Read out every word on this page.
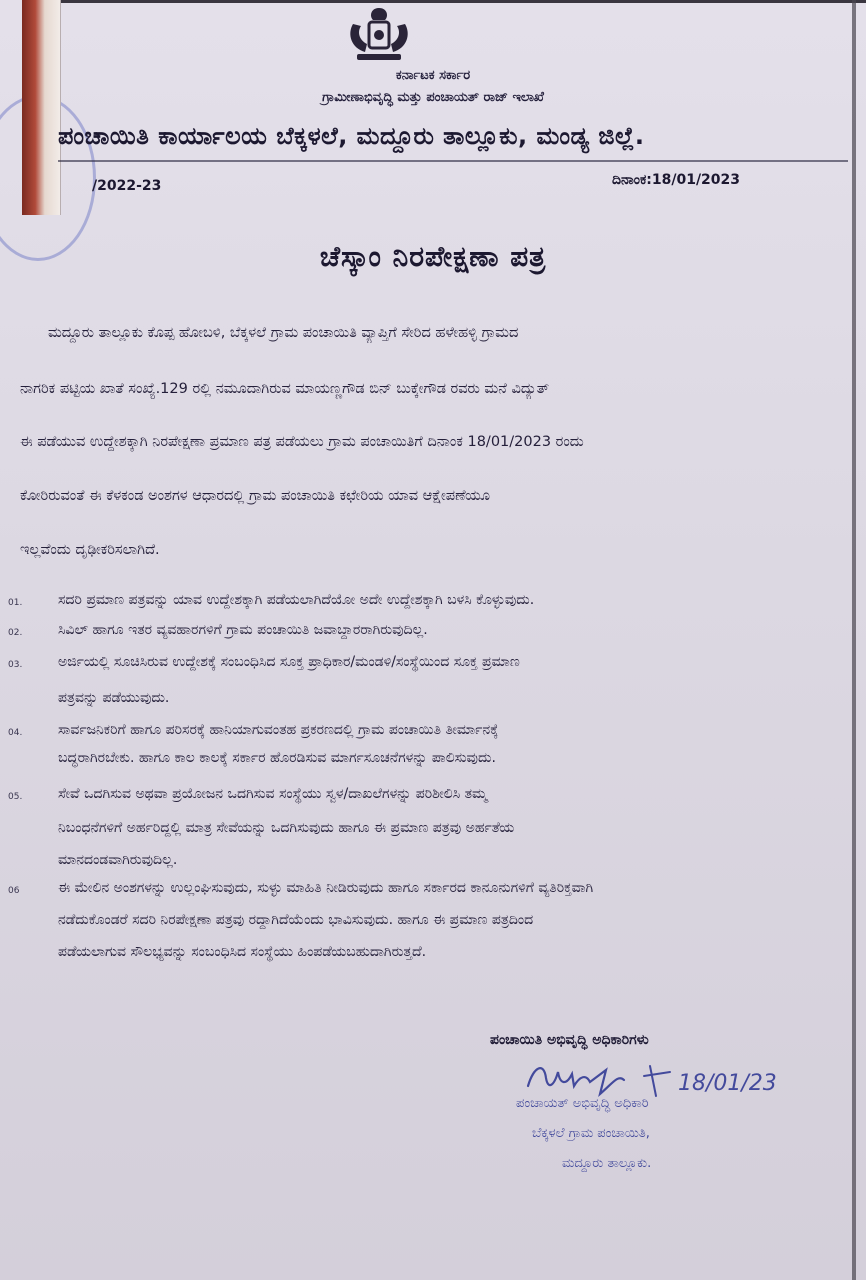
ಕರ್ನಾಟಕ ಸರ್ಕಾರ
ಗ್ರಾಮೀಣಾಭಿವೃದ್ಧಿ ಮತ್ತು ಪಂಚಾಯತ್ ರಾಜ್ ಇಲಾಖೆ
ಪಂಚಾಯಿತಿ ಕಾರ್ಯಾಲಯ ಬೆಕ್ಕಳಲೆ, ಮದ್ದೂರು ತಾಲ್ಲೂಕು, ಮಂಡ್ಯ ಜಿಲ್ಲೆ.
/2022-23	ದಿನಾಂಕ:18/01/2023
ಚೆಸ್ಕಾಂ ನಿರಪೇಕ್ಷಣಾ ಪತ್ರ
ಮದ್ದೂರು ತಾಲ್ಲೂಕು ಕೊಪ್ಪ ಹೋಬಳಿ, ಬೆಕ್ಕಳಲೆ ಗ್ರಾಮ ಪಂಚಾಯಿತಿ ವ್ಯಾಪ್ತಿಗೆ ಸೇರಿದ ಹಳೇಹಳ್ಳಿ ಗ್ರಾಮದ
ನಾಗರಿಕ ಪಟ್ಟಿಯ ಖಾತೆ ಸಂಖ್ಯೆ.129 ರಲ್ಲಿ ನಮೂದಾಗಿರುವ ಮಾಯಣ್ಣಗೌಡ ಬಿನ್ ಬುಕ್ಕೇಗೌಡ ರವರು ಮನೆ ವಿದ್ಯುತ್
ಈ ಪಡೆಯುವ ಉದ್ದೇಶಕ್ಕಾಗಿ ನಿರಪೇಕ್ಷಣಾ ಪ್ರಮಾಣ ಪತ್ರ ಪಡೆಯಲು ಗ್ರಾಮ ಪಂಚಾಯಿತಿಗೆ ದಿನಾಂಕ 18/01/2023 ರಂದು
ಕೋರಿರುವಂತೆ ಈ ಕೆಳಕಂಡ ಅಂಶಗಳ ಆಧಾರದಲ್ಲಿ ಗ್ರಾಮ ಪಂಚಾಯಿತಿ ಕಛೇರಿಯ ಯಾವ ಆಕ್ಷೇಪಣೆಯೂ
ಇಲ್ಲವೆಂದು ದೃಢೀಕರಿಸಲಾಗಿದೆ.
01.	ಸದರಿ ಪ್ರಮಾಣ ಪತ್ರವನ್ನು ಯಾವ ಉದ್ದೇಶಕ್ಕಾಗಿ ಪಡೆಯಲಾಗಿದೆಯೋ ಅದೇ ಉದ್ದೇಶಕ್ಕಾಗಿ ಬಳಸಿ ಕೊಳ್ಳುವುದು.
02.	ಸಿವಿಲ್ ಹಾಗೂ ಇತರ ವ್ಯವಹಾರಗಳಿಗೆ ಗ್ರಾಮ ಪಂಚಾಯಿತಿ ಜವಾಬ್ದಾರರಾಗಿರುವುದಿಲ್ಲ.
03.	ಅರ್ಜಿಯಲ್ಲಿ ಸೂಚಿಸಿರುವ ಉದ್ದೇಶಕ್ಕೆ ಸಂಬಂಧಿಸಿದ ಸೂಕ್ತ ಪ್ರಾಧಿಕಾರ/ಮಂಡಳಿ/ಸಂಸ್ಥೆಯಿಂದ ಸೂಕ್ತ ಪ್ರಮಾಣ
ಪತ್ರವನ್ನು ಪಡೆಯುವುದು.
04.	ಸಾರ್ವಜನಿಕರಿಗೆ ಹಾಗೂ ಪರಿಸರಕ್ಕೆ ಹಾನಿಯಾಗುವಂತಹ ಪ್ರಕರಣದಲ್ಲಿ ಗ್ರಾಮ ಪಂಚಾಯಿತಿ ತೀರ್ಮಾನಕ್ಕೆ
ಬದ್ಧರಾಗಿರಬೇಕು. ಹಾಗೂ ಕಾಲ ಕಾಲಕ್ಕೆ ಸರ್ಕಾರ ಹೊರಡಿಸುವ ಮಾರ್ಗಸೂಚನೆಗಳನ್ನು ಪಾಲಿಸುವುದು.
05.	ಸೇವೆ ಒದಗಿಸುವ ಅಥವಾ ಪ್ರಯೋಜನ ಒದಗಿಸುವ ಸಂಸ್ಥೆಯು ಸ್ವಳ/ದಾಖಲೆಗಳನ್ನು ಪರಿಶೀಲಿಸಿ ತಮ್ಮ
ನಿಬಂಧನೆಗಳಿಗೆ ಅರ್ಹರಿದ್ದಲ್ಲಿ ಮಾತ್ರ ಸೇವೆಯನ್ನು ಒದಗಿಸುವುದು ಹಾಗೂ ಈ ಪ್ರಮಾಣ ಪತ್ರವು ಅರ್ಹತೆಯ
ಮಾನದಂಡವಾಗಿರುವುದಿಲ್ಲ.
06	ಈ ಮೇಲಿನ ಅಂಶಗಳನ್ನು ಉಲ್ಲಂಘಿಸುವುದು, ಸುಳ್ಳು ಮಾಹಿತಿ ನೀಡಿರುವುದು ಹಾಗೂ ಸರ್ಕಾರದ ಕಾನೂನುಗಳಿಗೆ ವ್ಯತಿರಿಕ್ತವಾಗಿ
ನಡೆದುಕೊಂಡರೆ ಸದರಿ ನಿರಪೇಕ್ಷಣಾ ಪತ್ರವು ರದ್ದಾಗಿದೆಯೆಂದು ಭಾವಿಸುವುದು. ಹಾಗೂ ಈ ಪ್ರಮಾಣ ಪತ್ರದಿಂದ
ಪಡೆಯಲಾಗುವ ಸೌಲಭ್ಯವನ್ನು ಸಂಬಂಧಿಸಿದ ಸಂಸ್ಥೆಯು ಹಿಂಪಡೆಯಬಹುದಾಗಿರುತ್ತದೆ.
ಪಂಚಾಯಿತಿ ಅಭಿವೃದ್ಧಿ ಅಧಿಕಾರಿಗಳು
18/01/23
ಪಂಚಾಯತ್ ಅಭಿವೃದ್ಧಿ ಅಧಿಕಾರಿ
ಬೆಕ್ಕಳಲೆ ಗ್ರಾಮ ಪಂಚಾಯಿತಿ,
ಮದ್ದೂರು ತಾಲ್ಲೂಕು.
